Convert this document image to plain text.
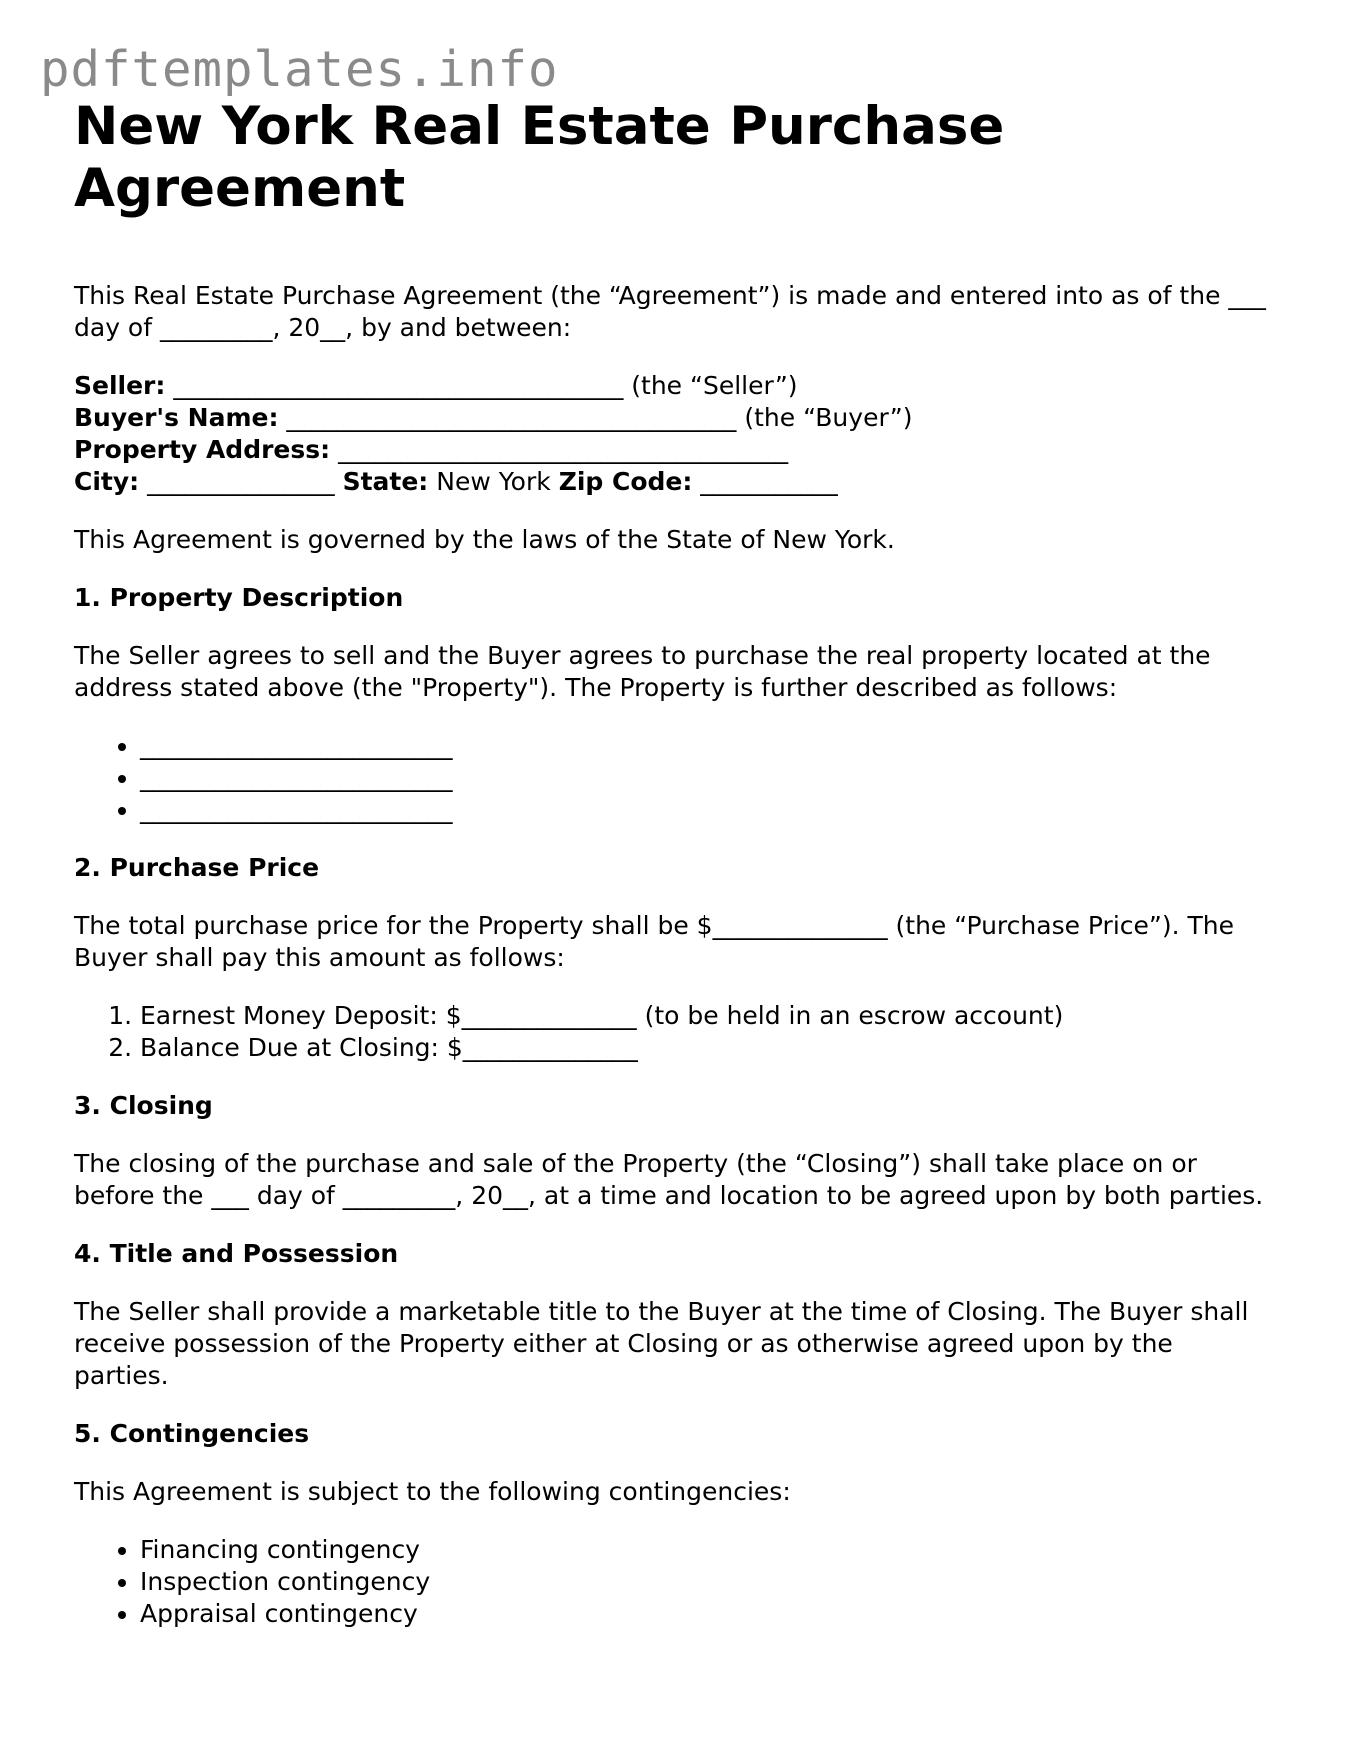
pdftemplates.info
New York Real Estate Purchase Agreement

This Real Estate Purchase Agreement (the “Agreement”) is made and entered into as of the ___ day of _________, 20__, by and between:

Seller: ____________________________________ (the “Seller”)
Buyer's Name: ____________________________________ (the “Buyer”)
Property Address: ____________________________________
City: _______________ State: New York Zip Code: ___________

This Agreement is governed by the laws of the State of New York.

1. Property Description

The Seller agrees to sell and the Buyer agrees to purchase the real property located at the address stated above (the "Property"). The Property is further described as follows:

• _________________________
• _________________________
• _________________________
2. Purchase Price

The total purchase price for the Property shall be $______________ (the “Purchase Price”). The Buyer shall pay this amount as follows:

1. Earnest Money Deposit: $______________ (to be held in an escrow account)
2. Balance Due at Closing: $______________
3. Closing

The closing of the purchase and sale of the Property (the “Closing”) shall take place on or before the ___ day of _________, 20__, at a time and location to be agreed upon by both parties.

4. Title and Possession

The Seller shall provide a marketable title to the Buyer at the time of Closing. The Buyer shall receive possession of the Property either at Closing or as otherwise agreed upon by the parties.

5. Contingencies

This Agreement is subject to the following contingencies:

• Financing contingency
• Inspection contingency
• Appraisal contingency
